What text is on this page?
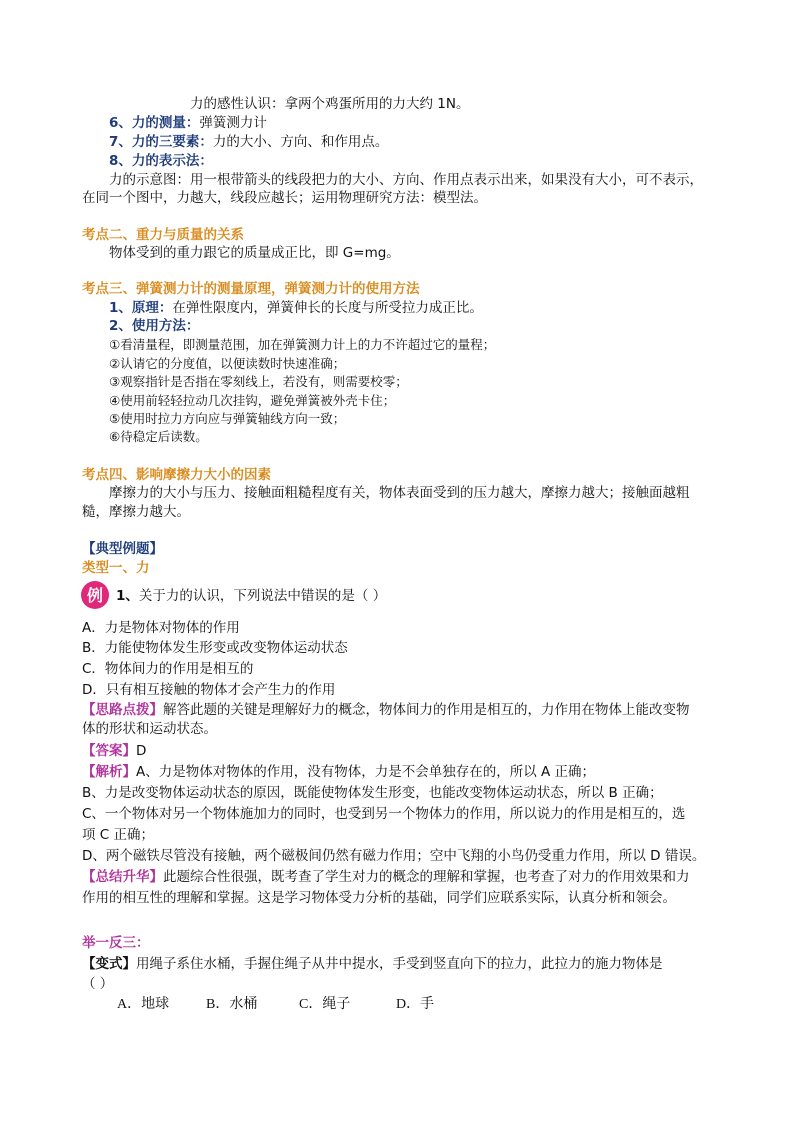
力的感性认识：拿两个鸡蛋所用的力大约 1N。
6、力的测量：弹簧测力计
7、力的三要素：力的大小、方向、和作用点。
8、力的表示法：
力的示意图：用一根带箭头的线段把力的大小、方向、作用点表示出来，如果没有大小，可不表示，
在同一个图中，力越大，线段应越长；运用物理研究方法：模型法。
考点二、重力与质量的关系
物体受到的重力跟它的质量成正比，即 G=mg。
考点三、弹簧测力计的测量原理，弹簧测力计的使用方法
1、原理：在弹性限度内，弹簧伸长的长度与所受拉力成正比。
2、使用方法：
①看清量程，即测量范围，加在弹簧测力计上的力不许超过它的量程；
②认请它的分度值，以便读数时快速准确；
③观察指针是否指在零刻线上，若没有，则需要校零；
④使用前轻轻拉动几次挂钩，避免弹簧被外壳卡住；
⑤使用时拉力方向应与弹簧轴线方向一致；
⑥待稳定后读数。
考点四、影响摩擦力大小的因素
摩擦力的大小与压力、接触面粗糙程度有关，物体表面受到的压力越大，摩擦力越大；接触面越粗
糙，摩擦力越大。
【典型例题】
类型一、力
例 1、关于力的认识，下列说法中错误的是（ ）
A．力是物体对物体的作用
B．力能使物体发生形变或改变物体运动状态
C．物体间力的作用是相互的
D．只有相互接触的物体才会产生力的作用
【思路点拨】解答此题的关键是理解好力的概念，物体间力的作用是相互的，力作用在物体上能改变物
体的形状和运动状态。
【答案】D
【解析】A、力是物体对物体的作用，没有物体，力是不会单独存在的，所以 A 正确；
B、力是改变物体运动状态的原因，既能使物体发生形变，也能改变物体运动状态，所以 B 正确；
C、一个物体对另一个物体施加力的同时，也受到另一个物体力的作用，所以说力的作用是相互的，选
项 C 正确；
D、两个磁铁尽管没有接触，两个磁极间仍然有磁力作用；空中飞翔的小鸟仍受重力作用，所以 D 错误。
【总结升华】此题综合性很强，既考查了学生对力的概念的理解和掌握，也考查了对力的作用效果和力
作用的相互性的理解和掌握。这是学习物体受力分析的基础，同学们应联系实际，认真分析和领会。
举一反三：
【变式】用绳子系住水桶，手握住绳子从井中提水，手受到竖直向下的拉力，此拉力的施力物体是
（ ）
A．地球	B．水桶	C．绳子	D．手
